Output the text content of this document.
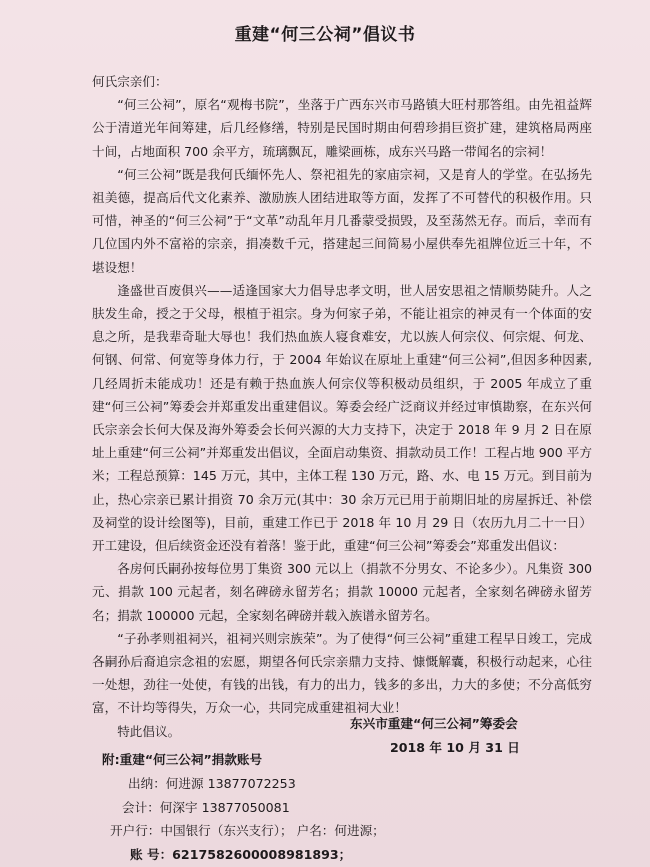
重建“何三公祠”倡议书

何氏宗亲们：

“何三公祠”，原名“观梅书院”，坐落于广西东兴市马路镇大旺村那答组。由先祖益辉公于清道光年间筹建，后几经修缮，特别是民国时期由何碧珍捐巨资扩建，建筑格局两座十间，占地面积 700 余平方，琉璃飘瓦，雕梁画栋，成东兴马路一带闻名的宗祠！

“何三公祠”既是我何氏缅怀先人、祭祀祖先的家庙宗祠，又是育人的学堂。在弘扬先祖美德，提高后代文化素养、激励族人团结进取等方面，发挥了不可替代的积极作用。只可惜，神圣的“何三公祠”于“文革”动乱年月几番蒙受损毁，及至荡然无存。而后，幸而有几位国内外不富裕的宗亲，捐凑数千元，搭建起三间简易小屋供奉先祖牌位近三十年，不堪设想！

逢盛世百废俱兴——适逢国家大力倡导忠孝文明，世人居安思祖之情顺势陡升。人之肤发生命，授之于父母，根植于祖宗。身为何家子弟，不能让祖宗的神灵有一个体面的安息之所，是我辈奇耻大辱也！我们热血族人寝食难安，尤以族人何宗仪、何宗焜、何龙、何钢、何常、何宽等身体力行，于 2004 年始议在原址上重建“何三公祠”,但因多种因素,几经周折未能成功！还是有赖于热血族人何宗仪等积极动员组织，于 2005 年成立了重建“何三公祠”筹委会并郑重发出重建倡议。筹委会经广泛商议并经过审慎勘察，在东兴何氏宗亲会长何大保及海外筹委会长何兴源的大力支持下，决定于 2018 年 9 月 2 日在原址上重建“何三公祠”并郑重发出倡议，全面启动集资、捐款动员工作！工程占地 900 平方米；工程总预算：145 万元，其中，主体工程 130 万元，路、水、电 15 万元。到目前为止，热心宗亲已累计捐资 70 余万元(其中：30 余万元已用于前期旧址的房屋拆迁、补偿及祠堂的设计绘图等)，目前，重建工作已于 2018 年 10 月 29 日（农历九月二十一日）开工建设，但后续资金还没有着落！鉴于此，重建“何三公祠”筹委会”郑重发出倡议：

各房何氏嗣孙按每位男丁集资 300 元以上（捐款不分男女、不论多少）。凡集资 300 元、捐款 100 元起者，刻名碑磅永留芳名；捐款 10000 元起者，全家刻名碑磅永留芳名；捐款 100000 元起，全家刻名碑磅并载入族谱永留芳名。

“子孙孝则祖祠兴，祖祠兴则宗族荣”。为了使得“何三公祠”重建工程早日竣工，完成各嗣孙后裔追宗念祖的宏愿，期望各何氏宗亲鼎力支持、慷慨解囊，积极行动起来，心往一处想，劲往一处使，有钱的出钱，有力的出力，钱多的多出，力大的多使；不分高低穷富，不计均等得失，万众一心，共同完成重建祖祠大业！

特此倡议。

东兴市重建“何三公祠”筹委会
2018 年 10 月 31 日
附:重建“何三公祠”捐款账号
出纳：何进源 13877072253
会计：何深宇 13877050081
开户行：中国银行（东兴支行）； 户名：何进源；
账 号：6217582600008981893；
